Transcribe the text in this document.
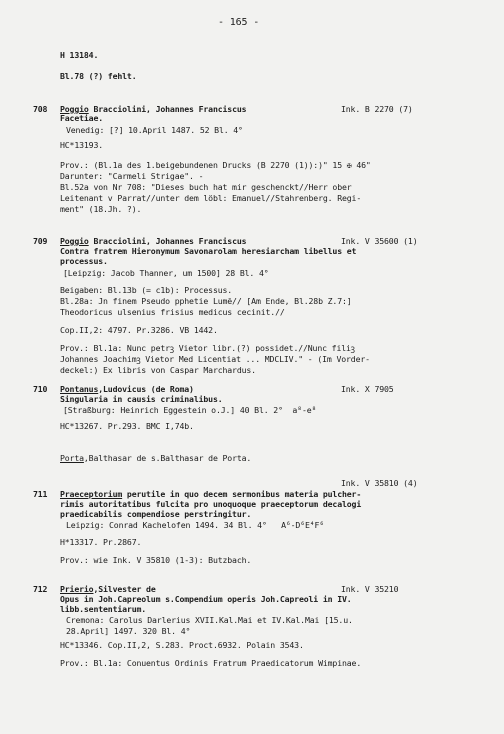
- 165 -
H 13184.
Bl.78 (?) fehlt.
708 Poggio Bracciolini, Johannes Franciscus	Ink. B 2270 (7)
Facetiae.
Venedig: [?] 10.April 1487. 52 Bl. 4°
HC*13193.
Prov.: (Bl.1a des 1.beigebundenen Drucks (B 2270 (1)):)" 15 ✠ 46"
Darunter: "Carmeli Strigae". -
Bl.52a von Nr 708: "Dieses buch hat mir geschenckt//Herr ober
Leitenant v Parrat//unter dem löbl: Emanuel//Stahrenberg. Regi-
ment" (18.Jh. ?).
709 Poggio Bracciolini, Johannes Franciscus	Ink. V 35600 (1)
Contra fratrem Hieronymum Savonarolam heresiarcham libellus et
processus.
[Leipzig: Jacob Thanner, um 1500] 28 Bl. 4°
Beigaben: Bl.13b (= c1b): Processus.
Bl.28a: Jn finem Pseudo pphetie Lumẽ// [Am Ende, Bl.28b Z.7:]
Theodoricus ulsenius frisius medicus cecinit.//
Cop.II,2: 4797. Pr.3286. VB 1442.
Prov.: Bl.1a: Nunc petrꝫ Vietor libr.(?) possidet.//Nunc filiꝫ
Johannes Joachimꝫ Vietor Med Licentiat ... MDCLIV." - (Im Vorder-
deckel:) Ex libris von Caspar Marchardus.
710 Pontanus,Ludovicus (de Roma)	Ink. X 7905
Singularia in causis criminalibus.
[Straßburg: Heinrich Eggestein o.J.] 40 Bl. 2°  a⁸-e⁸
HC*13267. Pr.293. BMC I,74b.
Porta,Balthasar de s.Balthasar de Porta.
Ink. V 35810 (4)
711 Praeceptorium perutile in quo decem sermonibus materia pulcher-
rimis autoritatibus fulcita pro unoquoque praeceptorum decalogi
praedicabilis compendiose perstringitur.
Leipzig: Conrad Kachelofen 1494. 34 Bl. 4°   A⁶-D⁶E⁴F⁶
H*13317. Pr.2867.
Prov.: wie Ink. V 35810 (1-3): Butzbach.
712 Prierio,Silvester de	Ink. V 35210
Opus in Joh.Capreolum s.Compendium operis Joh.Capreoli in IV.
libb.sententiarum.
Cremona: Carolus Darlerius XVII.Kal.Mai et IV.Kal.Mai [15.u.
28.April] 1497. 320 Bl. 4°
HC*13346. Cop.II,2, S.283. Proct.6932. Polain 3543.
Prov.: Bl.1a: Conuentus Ordinis Fratrum Praedicatorum Wimpinae.
